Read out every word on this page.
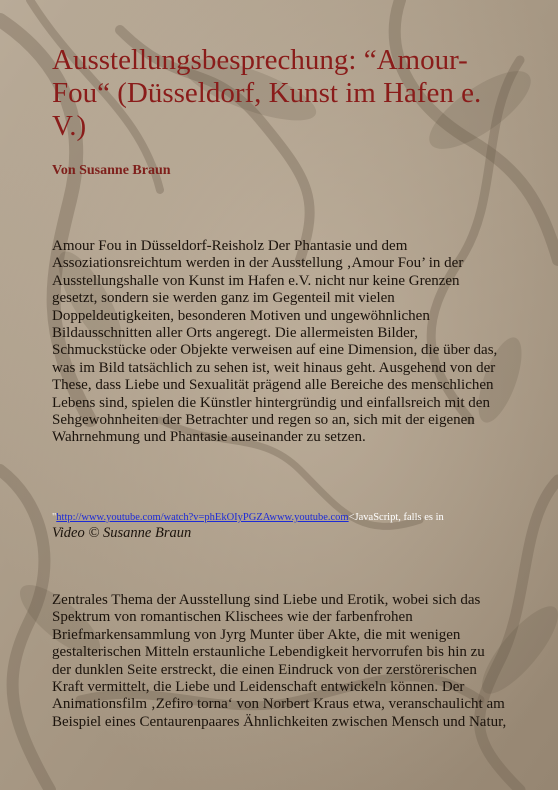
Ausstellungsbesprechung: “Amour-Fou“ (Düsseldorf, Kunst im Hafen e. V.)

Von Susanne Braun

Amour Fou in Düsseldorf-Reisholz Der Phantasie und dem Assoziationsreichtum werden in der Ausstellung ‚Amour Fou’ in der Ausstellungshalle von Kunst im Hafen e.V. nicht nur keine Grenzen gesetzt, sondern sie werden ganz im Gegenteil mit vielen Doppeldeutigkeiten, besonderen Motiven und ungewöhnlichen Bildausschnitten aller Orts angeregt. Die allermeisten Bilder, Schmuckstücke oder Objekte verweisen auf eine Dimension, die über das, was im Bild tatsächlich zu sehen ist, weit hinaus geht. Ausgehend von der These, dass Liebe und Sexualität prägend alle Bereiche des menschlichen Lebens sind, spielen die Künstler hintergründig und einfallsreich mit den Sehgewohnheiten der Betrachter und regen so an, sich mit der eigenen Wahrnehmung und Phantasie auseinander zu setzen.

"http://www.youtube.com/watch?v=phEkOIyPGZAwww.youtube.com<JavaScript, falls es in

Video © Susanne Braun

Zentrales Thema der Ausstellung sind Liebe und Erotik, wobei sich das Spektrum von romantischen Klischees wie der farbenfrohen Briefmarkensammlung von Jyrg Munter über Akte, die mit wenigen gestalterischen Mitteln erstaunliche Lebendigkeit hervorrufen bis hin zu der dunklen Seite erstreckt, die einen Eindruck von der zerstörerischen Kraft vermittelt, die Liebe und Leidenschaft entwickeln können. Der Animationsfilm ‚Zefiro torna‘ von Norbert Kraus etwa, veranschaulicht am Beispiel eines Centaurenpaares Ähnlichkeiten zwischen Mensch und Natur,
